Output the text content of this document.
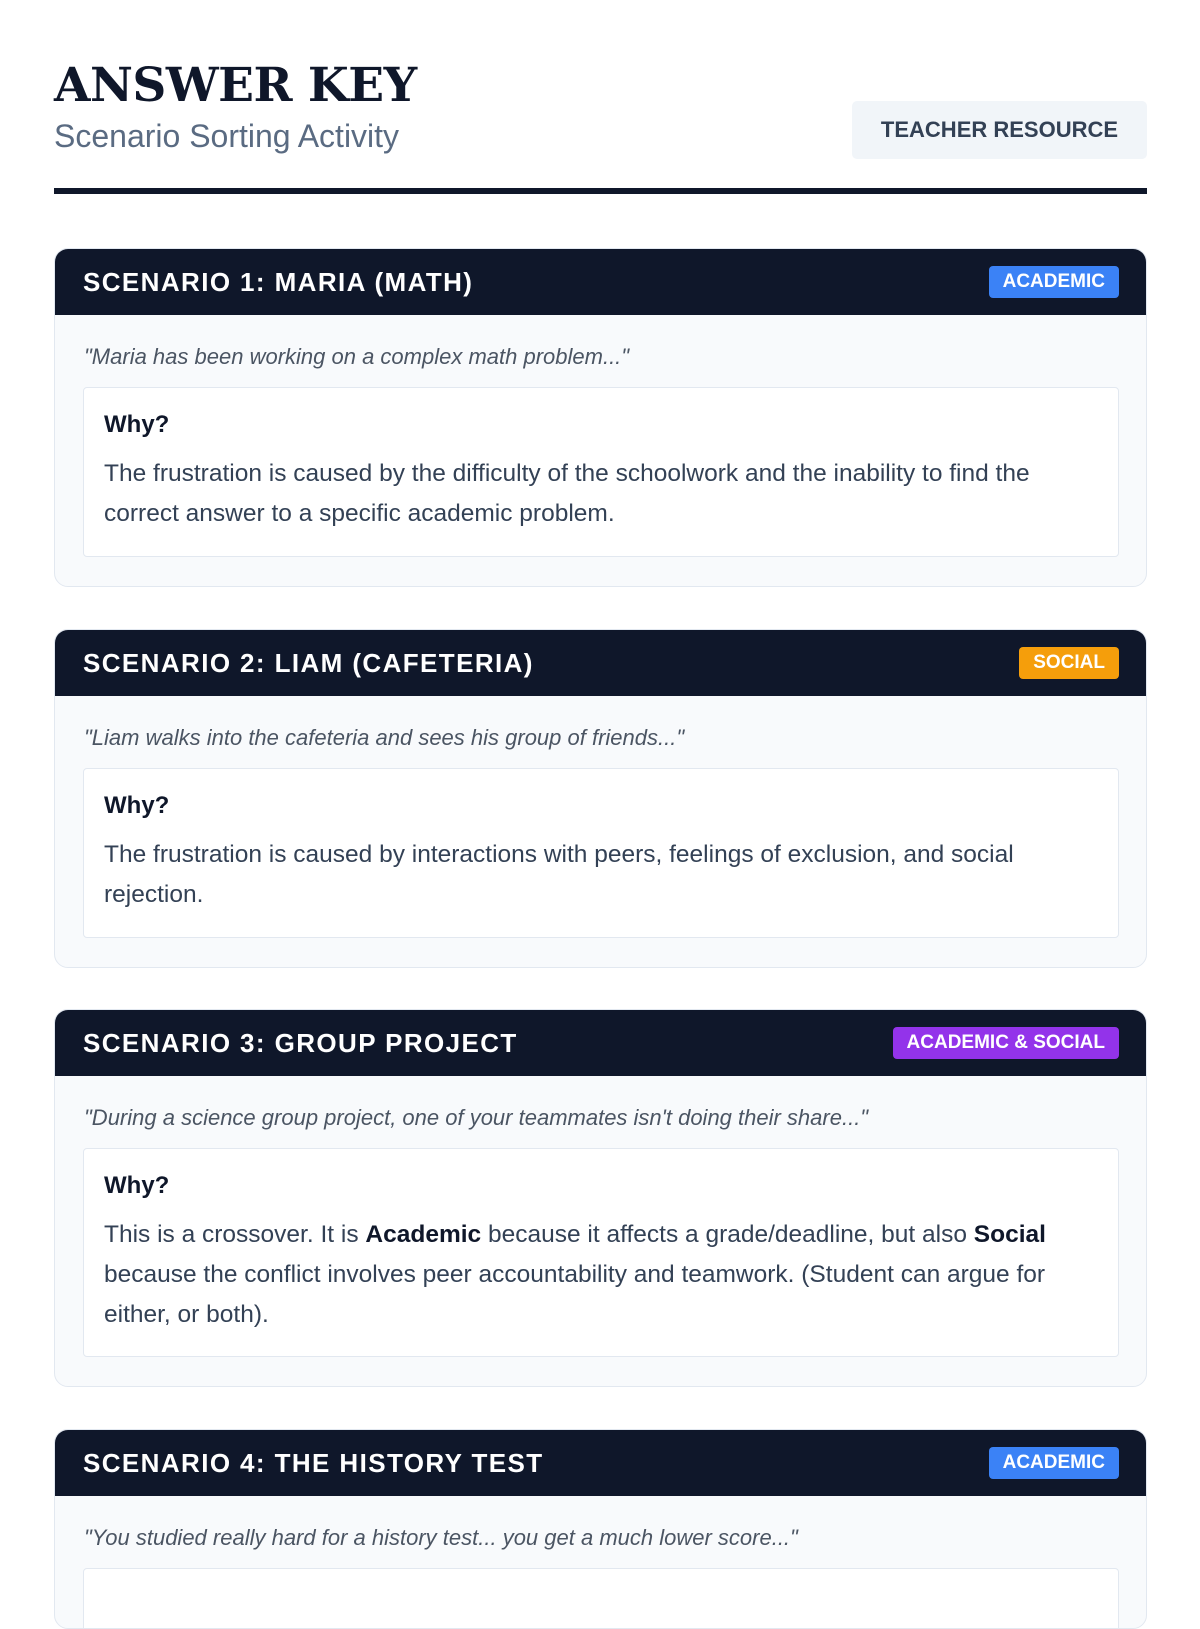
ANSWER KEY
Scenario Sorting Activity	TEACHER RESOURCE
SCENARIO 1: MARIA (MATH)	ACADEMIC
"Maria has been working on a complex math problem..."
Why?
The frustration is caused by the difficulty of the schoolwork and the inability to find the correct answer to a specific academic problem.
SCENARIO 2: LIAM (CAFETERIA)	SOCIAL
"Liam walks into the cafeteria and sees his group of friends..."
Why?
The frustration is caused by interactions with peers, feelings of exclusion, and social rejection.
SCENARIO 3: GROUP PROJECT	ACADEMIC & SOCIAL
"During a science group project, one of your teammates isn't doing their share..."
Why?
This is a crossover. It is Academic because it affects a grade/deadline, but also Social because the conflict involves peer accountability and teamwork. (Student can argue for either, or both).
SCENARIO 4: THE HISTORY TEST	ACADEMIC
"You studied really hard for a history test... you get a much lower score..."
